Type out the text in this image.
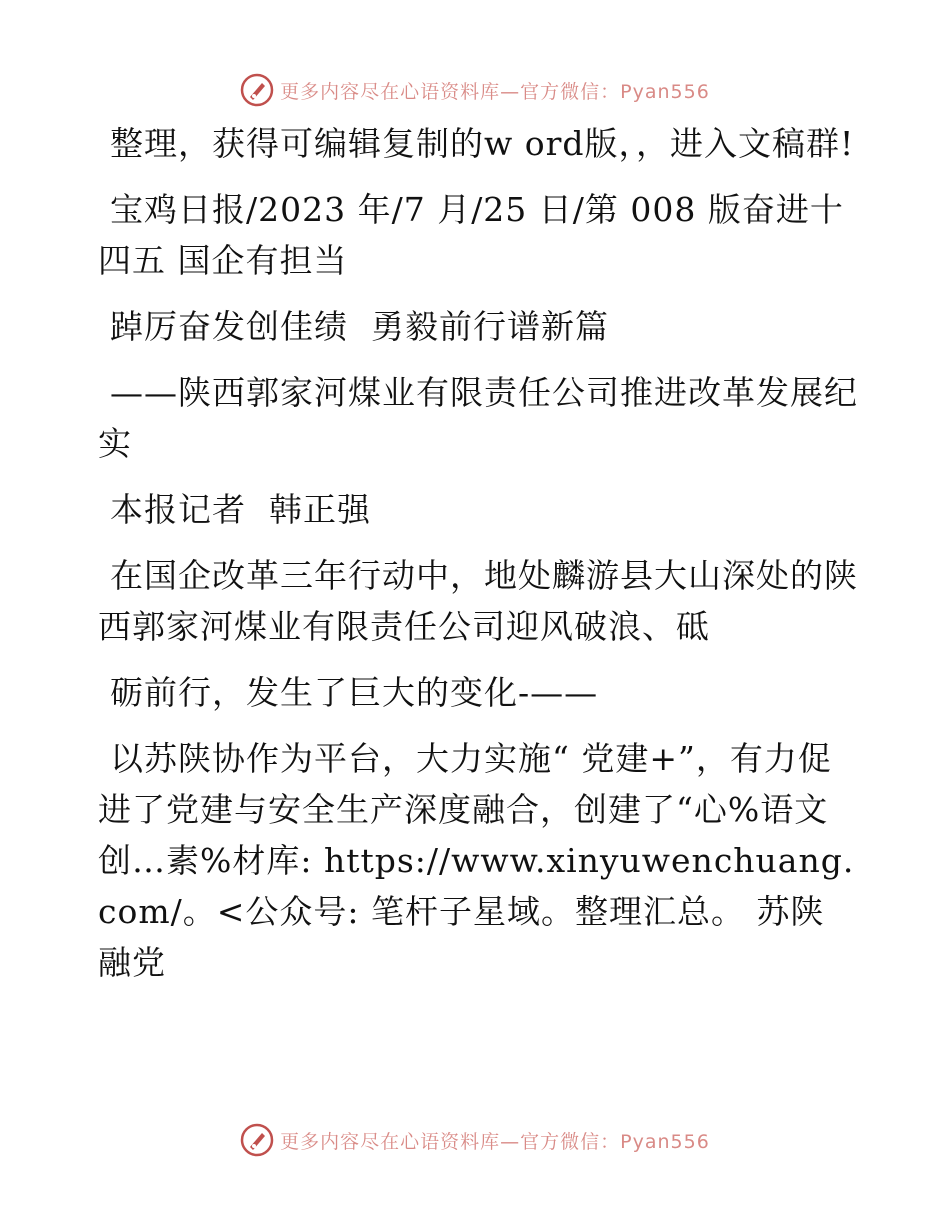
更多内容尽在心语资料库—官方微信：Pyan556

整理，获得可编辑复制的w ord版，，进入文稿群!

宝鸡日报/2023 年/7 月/25 日/第 008 版奋进十四五 国企有担当

踔厉奋发创佳绩  勇毅前行谱新篇

——陕西郭家河煤业有限责任公司推进改革发展纪实

本报记者  韩正强

在国企改革三年行动中，地处麟游县大山深处的陕西郭家河煤业有限责任公司迎风破浪、砥

砺前行，发生了巨大的变化-——

以苏陕协作为平台，大力实施“ 党建+”，有力促进了党建与安全生产深度融合，创建了“心%语文创…素%材库: https://www.xinyuwenchuang.com/。<公众号: 笔杆子星域。整理汇总。 苏陕融党

更多内容尽在心语资料库—官方微信：Pyan556
